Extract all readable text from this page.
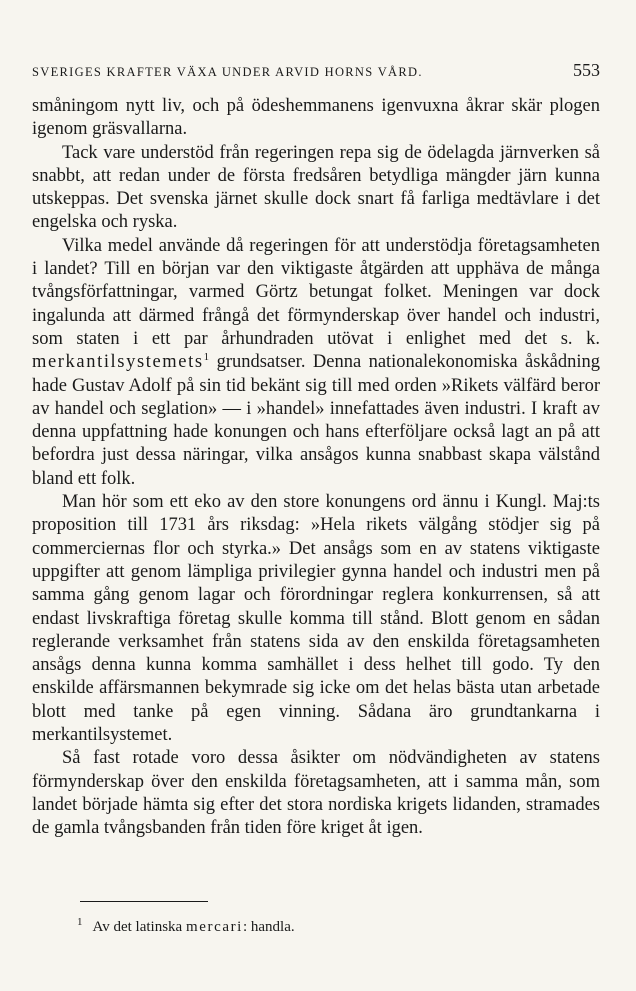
SVERIGES KRAFTER VÄXA UNDER ARVID HORNS VÅRD.	553

småningom nytt liv, och på ödeshemmanens igenvuxna åkrar skär plogen igenom gräsvallarna.

Tack vare understöd från regeringen repa sig de ödelagda järnverken så snabbt, att redan under de första fredsåren betydliga mängder järn kunna utskeppas. Det svenska järnet skulle dock snart få farliga medtävlare i det engelska och ryska.

Vilka medel använde då regeringen för att understödja företagsamheten i landet? Till en början var den viktigaste åtgärden att upphäva de många tvångsförfattningar, varmed Görtz betungat folket. Meningen var dock ingalunda att därmed frångå det förmynderskap över handel och industri, som staten i ett par århundraden utövat i enlighet med det s. k. merkantilsystemets$^1$ grundsatser. Denna nationalekonomiska åskådning hade Gustav Adolf på sin tid bekänt sig till med orden »Rikets välfärd beror av handel och seglation» — i »handel» innefattades även industri. I kraft av denna uppfattning hade konungen och hans efterföljare också lagt an på att befordra just dessa näringar, vilka ansågos kunna snabbast skapa välstånd bland ett folk.

Man hör som ett eko av den store konungens ord ännu i Kungl. Maj:ts proposition till 1731 års riksdag: »Hela rikets välgång stödjer sig på commerciernas flor och styrka.» Det ansågs som en av statens viktigaste uppgifter att genom lämpliga privilegier gynna handel och industri men på samma gång genom lagar och förordningar reglera konkurrensen, så att endast livskraftiga företag skulle komma till stånd. Blott genom en sådan reglerande verksamhet från statens sida av den enskilda företagsamheten ansågs denna kunna komma samhället i dess helhet till godo. Ty den enskilde affärsmannen bekymrade sig icke om det helas bästa utan arbetade blott med tanke på egen vinning. Sådana äro grundtankarna i merkantilsystemet.

Så fast rotade voro dessa åsikter om nödvändigheten av statens förmynderskap över den enskilda företagsamheten, att i samma mån, som landet började hämta sig efter det stora nordiska krigets lidanden, stramades de gamla tvångsbanden från tiden före kriget åt igen.

$^1$ Av det latinska mercari: handla.
